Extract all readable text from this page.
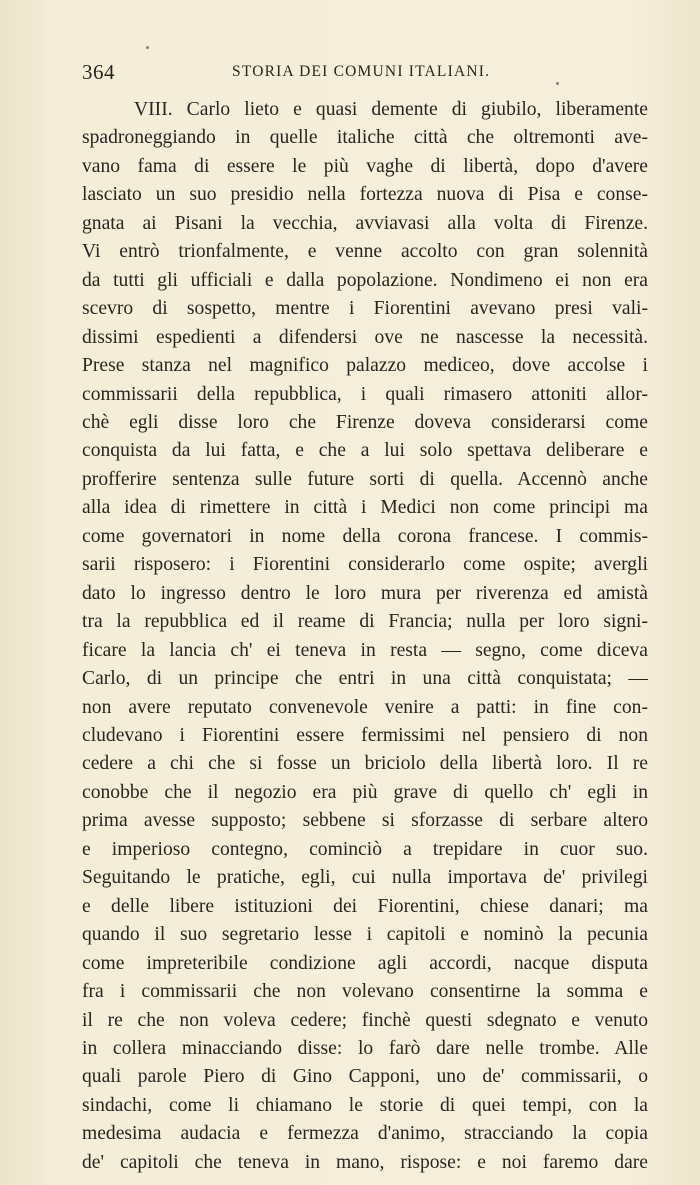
364	STORIA DEI COMUNI ITALIANI.
VIII. Carlo lieto e quasi demente di giubilo, liberamente
spadroneggiando in quelle italiche città che oltremonti ave-
vano fama di essere le più vaghe di libertà, dopo d'avere
lasciato un suo presidio nella fortezza nuova di Pisa e conse-
gnata ai Pisani la vecchia, avviavasi alla volta di Firenze.
Vi entrò trionfalmente, e venne accolto con gran solennità
da tutti gli ufficiali e dalla popolazione. Nondimeno ei non era
scevro di sospetto, mentre i Fiorentini avevano presi vali-
dissimi espedienti a difendersi ove ne nascesse la necessità.
Prese stanza nel magnifico palazzo mediceo, dove accolse i
commissarii della repubblica, i quali rimasero attoniti allor-
chè egli disse loro che Firenze doveva considerarsi come
conquista da lui fatta, e che a lui solo spettava deliberare e
profferire sentenza sulle future sorti di quella. Accennò anche
alla idea di rimettere in città i Medici non come principi ma
come governatori in nome della corona francese. I commis-
sarii risposero: i Fiorentini considerarlo come ospite; avergli
dato lo ingresso dentro le loro mura per riverenza ed amistà
tra la repubblica ed il reame di Francia; nulla per loro signi-
ficare la lancia ch' ei teneva in resta — segno, come diceva
Carlo, di un principe che entri in una città conquistata; —
non avere reputato convenevole venire a patti: in fine con-
cludevano i Fiorentini essere fermissimi nel pensiero di non
cedere a chi che si fosse un briciolo della libertà loro. Il re
conobbe che il negozio era più grave di quello ch' egli in
prima avesse supposto; sebbene si sforzasse di serbare altero
e imperioso contegno, cominciò a trepidare in cuor suo.
Seguitando le pratiche, egli, cui nulla importava de' privilegi
e delle libere istituzioni dei Fiorentini, chiese danari; ma
quando il suo segretario lesse i capitoli e nominò la pecunia
come impreteribile condizione agli accordi, nacque disputa
fra i commissarii che non volevano consentirne la somma e
il re che non voleva cedere; finchè questi sdegnato e venuto
in collera minacciando disse: lo farò dare nelle trombe. Alle
quali parole Piero di Gino Capponi, uno de' commissarii, o
sindachi, come li chiamano le storie di quei tempi, con la
medesima audacia e fermezza d'animo, stracciando la copia
de' capitoli che teneva in mano, rispose: e noi faremo dare
